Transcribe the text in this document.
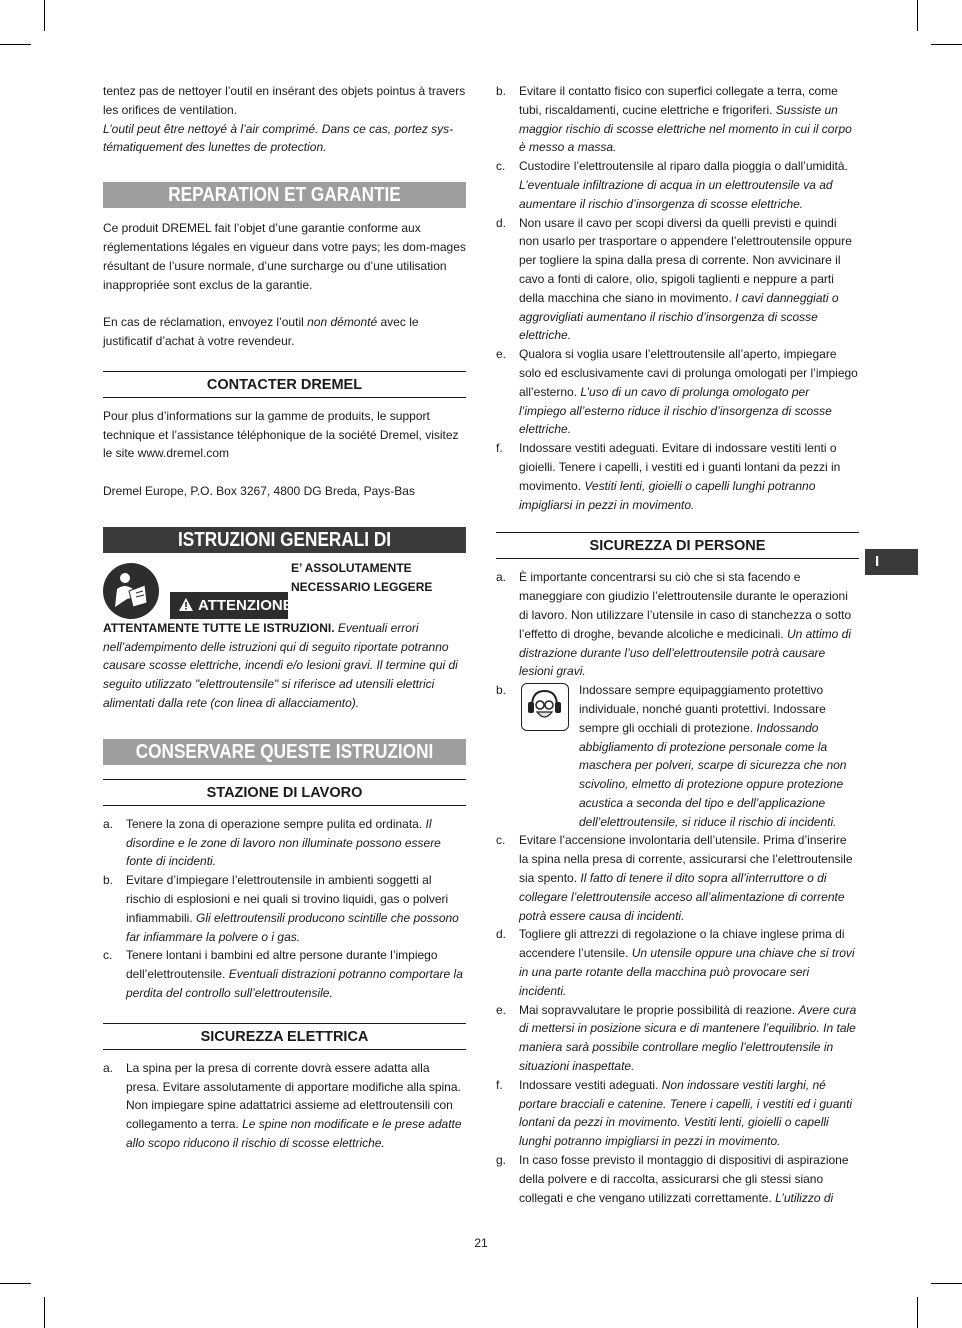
tentez pas de nettoyer l’outil en insérant des objets pointus à travers les orifices de ventilation.

L’outil peut être nettoyé à l’air comprimé. Dans ce cas, portez sys-tématiquement des lunettes de protection.

REPARATION ET GARANTIE

Ce produit DREMEL fait l’objet d’une garantie conforme aux réglementations légales en vigueur dans votre pays; les dom-mages résultant de l’usure normale, d’une surcharge ou d’une utilisation inappropriée sont exclus de la garantie.

En cas de réclamation, envoyez l’outil non démonté avec le justificatif d’achat à votre revendeur.

CONTACTER DREMEL

Pour plus d’informations sur la gamme de produits, le support technique et l’assistance téléphonique de la société Dremel, visitez le site www.dremel.com

Dremel Europe, P.O. Box 3267, 4800 DG Breda, Pays-Bas

ISTRUZIONI GENERALI DI
ATTENZIONE
E’ ASSOLUTAMENTE
NECESSARIO LEGGERE

ATTENTAMENTE TUTTE LE ISTRUZIONI. Eventuali errori nell’adempimento delle istruzioni qui di seguito riportate potranno causare scosse elettriche, incendi e/o lesioni gravi. Il termine qui di seguito utilizzato "elettroutensile" si riferisce ad utensili elettrici alimentati dalla rete (con linea di allacciamento).

CONSERVARE QUESTE ISTRUZIONI
STAZIONE DI LAVORO
a. Tenere la zona di operazione sempre pulita ed ordinata. Il disordine e le zone di lavoro non illuminate possono essere fonte di incidenti.
b. Evitare d’impiegare l’elettroutensile in ambienti soggetti al rischio di esplosioni e nei quali si trovino liquidi, gas o polveri infiammabili. Gli elettroutensili producono scintille che possono far infiammare la polvere o i gas.
c. Tenere lontani i bambini ed altre persone durante l’impiego dell’elettroutensile. Eventuali distrazioni potranno comportare la perdita del controllo sull’elettroutensile.
SICUREZZA ELETTRICA
a. La spina per la presa di corrente dovrà essere adatta alla presa. Evitare assolutamente di apportare modifiche alla spina. Non impiegare spine adattatrici assieme ad elettroutensili con collegamento a terra. Le spine non modificate e le prese adatte allo scopo riducono il rischio di scosse elettriche.
b. Evitare il contatto fisico con superfici collegate a terra, come tubi, riscaldamenti, cucine elettriche e frigoriferi. Sussiste un maggior rischio di scosse elettriche nel momento in cui il corpo è messo a massa.
c. Custodire l’elettroutensile al riparo dalla pioggia o dall’umidità. L’eventuale infiltrazione di acqua in un elettroutensile va ad aumentare il rischio d’insorgenza di scosse elettriche.
d. Non usare il cavo per scopi diversi da quelli previsti e quindi non usarlo per trasportare o appendere l’elettroutensile oppure per togliere la spina dalla presa di corrente. Non avvicinare il cavo a fonti di calore, olio, spigoli taglienti e neppure a parti della macchina che siano in movimento. I cavi danneggiati o aggrovigliati aumentano il rischio d’insorgenza di scosse elettriche.
e. Qualora si voglia usare l’elettroutensile all’aperto, impiegare solo ed esclusivamente cavi di prolunga omologati per l’impiego all’esterno. L’uso di un cavo di prolunga omologato per l’impiego all’esterno riduce il rischio d’insorgenza di scosse elettriche.
f. Indossare vestiti adeguati. Evitare di indossare vestiti lenti o gioielli. Tenere i capelli, i vestiti ed i guanti lontani da pezzi in movimento. Vestiti lenti, gioielli o capelli lunghi potranno impigliarsi in pezzi in movimento.
SICUREZZA DI PERSONE
a. È importante concentrarsi su ciò che si sta facendo e maneggiare con giudizio l’elettroutensile durante le operazioni di lavoro. Non utilizzare l’utensile in caso di stanchezza o sotto l’effetto di droghe, bevande alcoliche e medicinali. Un attimo di distrazione durante l’uso dell’elettroutensile potrà causare lesioni gravi.
b.	Indossare sempre equipaggiamento protettivo individuale, nonché guanti protettivi. Indossare sempre gli occhiali di protezione. Indossando abbigliamento di protezione personale come la maschera per polveri, scarpe di sicurezza che non scivolino, elmetto di protezione oppure protezione acustica a seconda del tipo e dell’applicazione dell’elettroutensile, si riduce il rischio di incidenti.
c. Evitare l’accensione involontaria dell’utensile. Prima d’inserire la spina nella presa di corrente, assicurarsi che l’elettroutensile sia spento. Il fatto di tenere il dito sopra all’interruttore o di collegare l’elettroutensile acceso all’alimentazione di corrente potrà essere causa di incidenti.
d. Togliere gli attrezzi di regolazione o la chiave inglese prima di accendere l’utensile. Un utensile oppure una chiave che si trovi in una parte rotante della macchina può provocare seri incidenti.
e. Mai sopravvalutare le proprie possibilità di reazione. Avere cura di mettersi in posizione sicura e di mantenere l’equilibrio. In tale maniera sarà possibile controllare meglio l’elettroutensile in situazioni inaspettate.
f. Indossare vestiti adeguati. Non indossare vestiti larghi, né portare bracciali e catenine. Tenere i capelli, i vestiti ed i guanti lontani da pezzi in movimento. Vestiti lenti, gioielli o capelli lunghi potranno impigliarsi in pezzi in movimento.
g. In caso fosse previsto il montaggio di dispositivi di aspirazione della polvere e di raccolta, assicurarsi che gli stessi siano collegati e che vengano utilizzati correttamente. L’utilizzo di
I
21
